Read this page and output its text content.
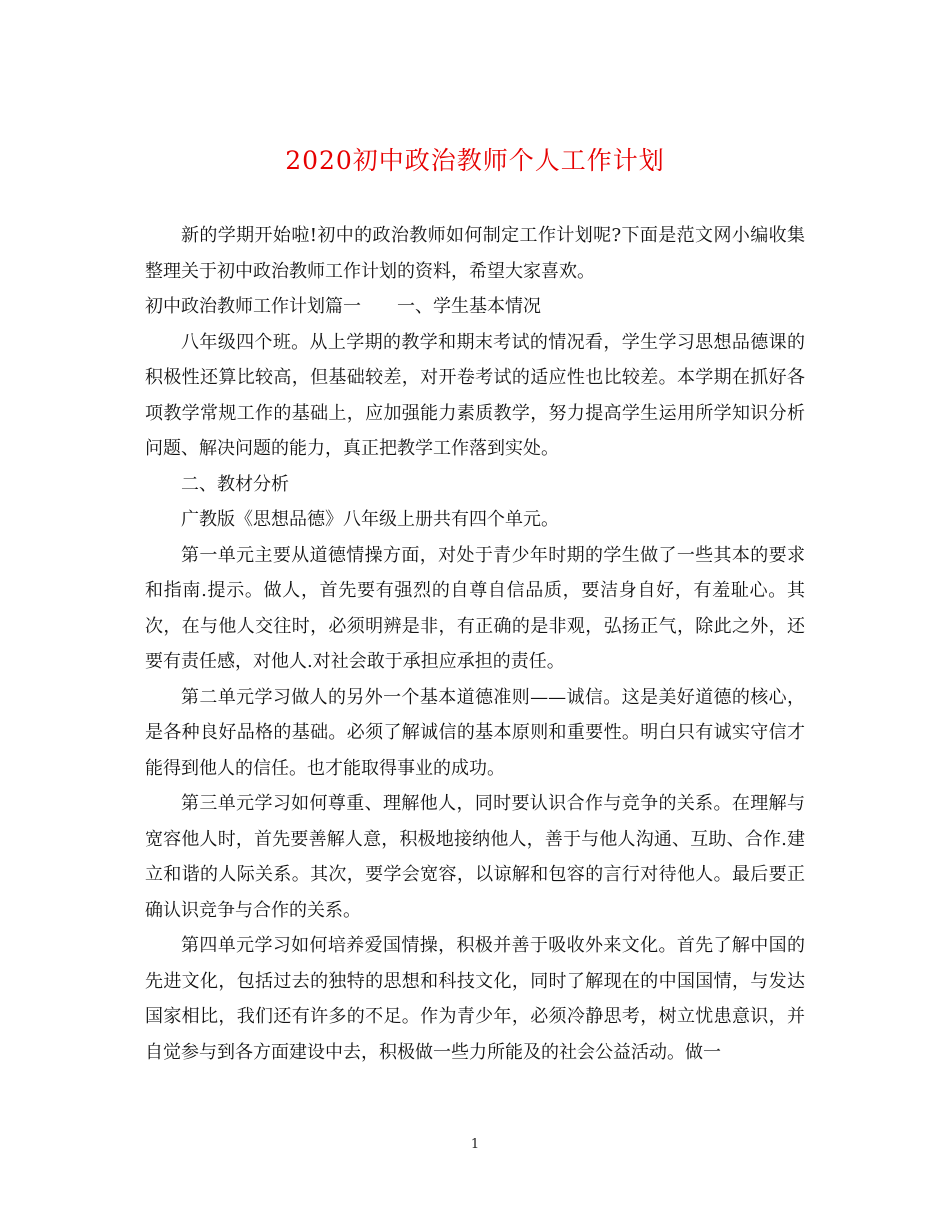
2020初中政治教师个人工作计划

新的学期开始啦!初中的政治教师如何制定工作计划呢?下面是范文网小编收集整理关于初中政治教师工作计划的资料，希望大家喜欢。

初中政治教师工作计划篇一　　一、学生基本情况

八年级四个班。从上学期的教学和期末考试的情况看，学生学习思想品德课的积极性还算比较高，但基础较差，对开卷考试的适应性也比较差。本学期在抓好各项教学常规工作的基础上，应加强能力素质教学，努力提高学生运用所学知识分析问题、解决问题的能力，真正把教学工作落到实处。

二、教材分析

广教版《思想品德》八年级上册共有四个单元。

第一单元主要从道德情操方面，对处于青少年时期的学生做了一些其本的要求和指南.提示。做人，首先要有强烈的自尊自信品质，要洁身自好，有羞耻心。其次，在与他人交往时，必须明辨是非，有正确的是非观，弘扬正气，除此之外，还要有责任感，对他人.对社会敢于承担应承担的责任。

第二单元学习做人的另外一个基本道德准则——诚信。这是美好道德的核心，是各种良好品格的基础。必须了解诚信的基本原则和重要性。明白只有诚实守信才能得到他人的信任。也才能取得事业的成功。

第三单元学习如何尊重、理解他人，同时要认识合作与竞争的关系。在理解与宽容他人时，首先要善解人意，积极地接纳他人，善于与他人沟通、互助、合作.建立和谐的人际关系。其次，要学会宽容，以谅解和包容的言行对待他人。最后要正确认识竞争与合作的关系。

第四单元学习如何培养爱国情操，积极并善于吸收外来文化。首先了解中国的先进文化，包括过去的独特的思想和科技文化，同时了解现在的中国国情，与发达国家相比，我们还有许多的不足。作为青少年，必须冷静思考，树立忧患意识，并自觉参与到各方面建设中去，积极做一些力所能及的社会公益活动。做一

1
